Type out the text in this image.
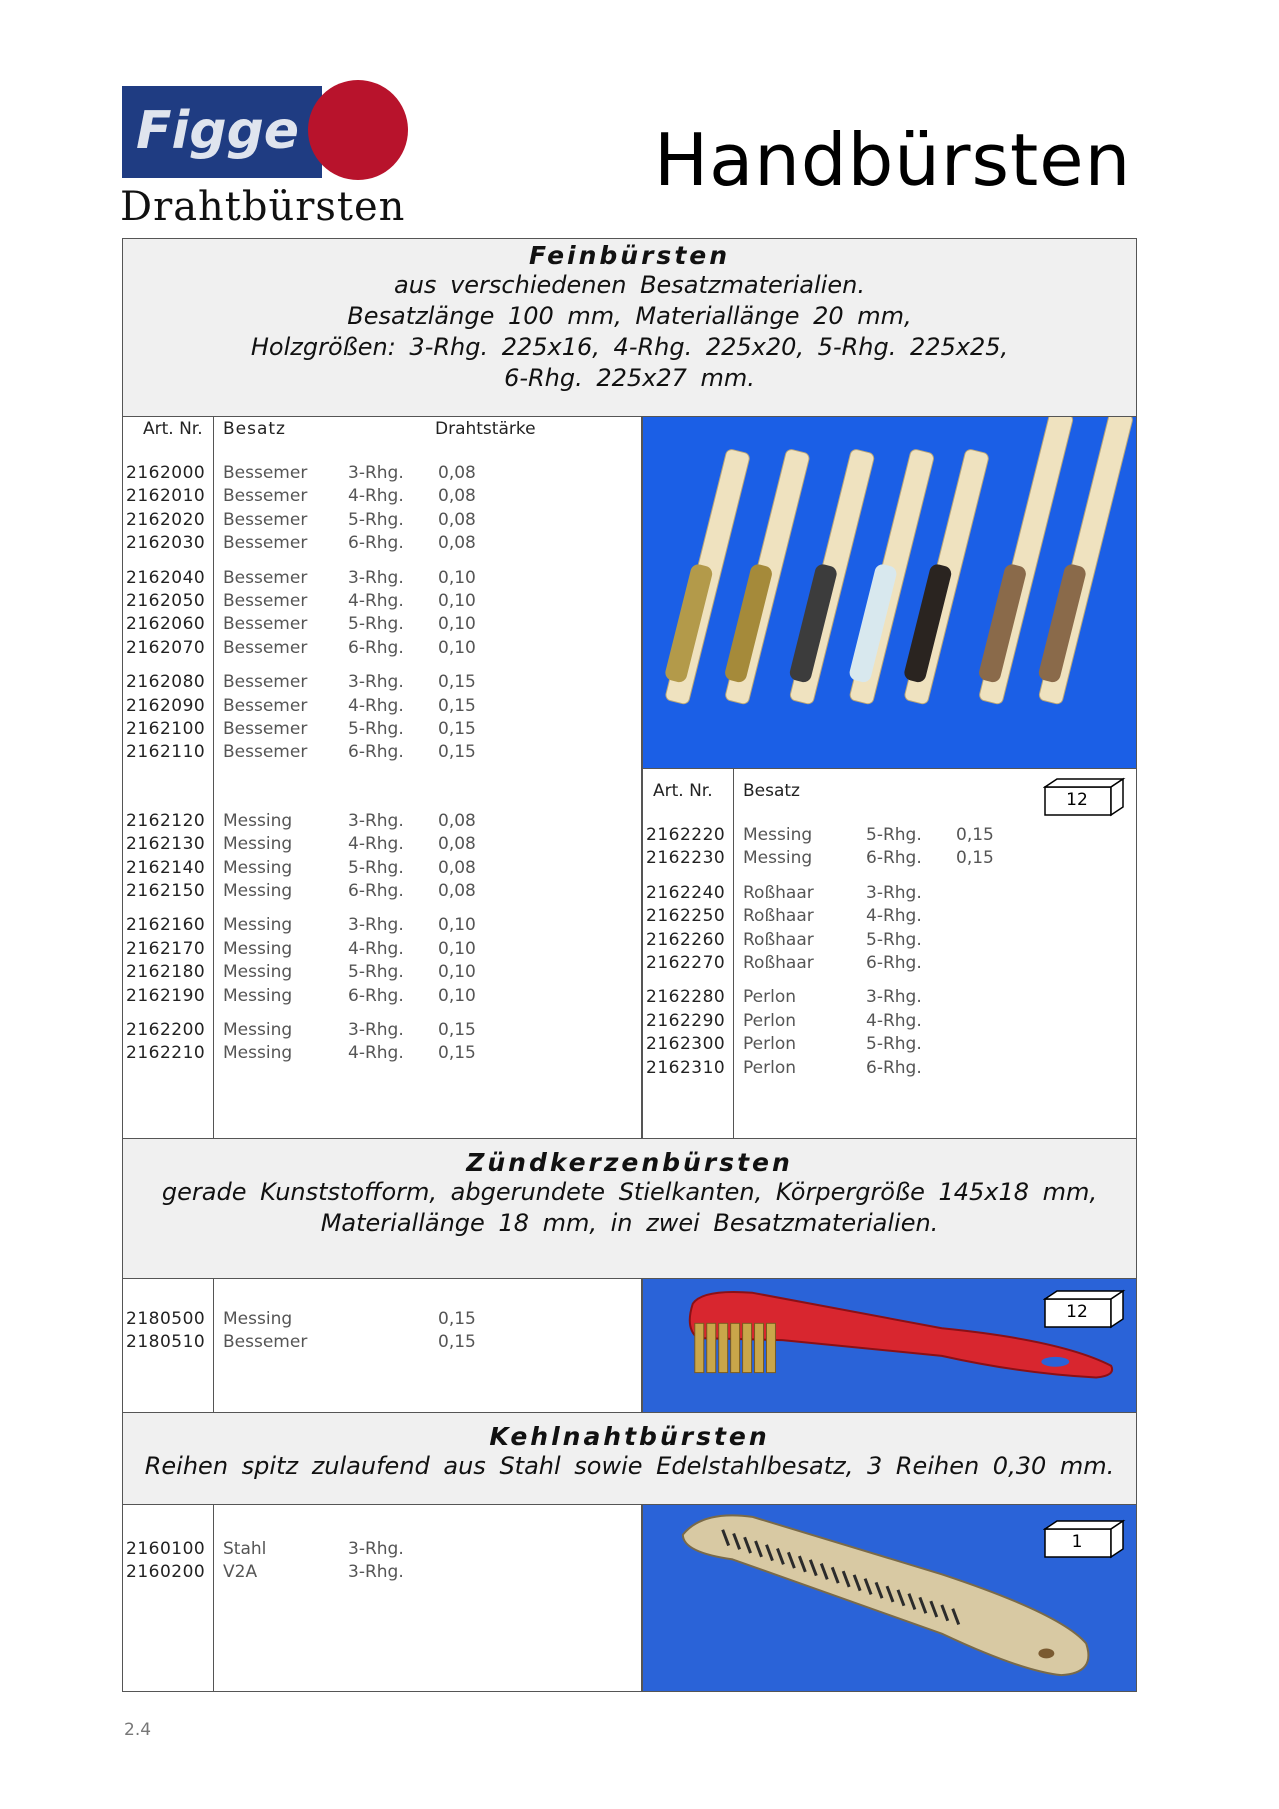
Figge
Drahtbürsten
Handbürsten
Feinbürsten
aus verschiedenen Besatzmaterialien.
Besatzlänge 100 mm, Materiallänge 20 mm,
Holzgrößen: 3-Rhg. 225x16, 4-Rhg. 225x20, 5-Rhg. 225x25,
6-Rhg. 225x27 mm.
Art. Nr. Besatz	Drahtstärke
2162000 Bessemer 3-Rhg. 0,08
2162010 Bessemer 4-Rhg. 0,08
2162020 Bessemer 5-Rhg. 0,08
2162030 Bessemer 6-Rhg. 0,08
2162040 Bessemer 3-Rhg. 0,10
2162050 Bessemer 4-Rhg. 0,10
2162060 Bessemer 5-Rhg. 0,10
2162070 Bessemer 6-Rhg. 0,10
2162080 Bessemer 3-Rhg. 0,15
2162090 Bessemer 4-Rhg. 0,15
2162100 Bessemer 5-Rhg. 0,15
2162110 Bessemer 6-Rhg. 0,15
2162120 Messing	3-Rhg. 0,08
2162130 Messing	4-Rhg. 0,08
2162140 Messing	5-Rhg. 0,08
2162150 Messing	6-Rhg. 0,08
2162160 Messing	3-Rhg. 0,10
2162170 Messing	4-Rhg. 0,10
2162180 Messing	5-Rhg. 0,10
2162190 Messing	6-Rhg. 0,10
2162200 Messing	3-Rhg. 0,15
2162210 Messing	4-Rhg. 0,15
Art. Nr. Besatz	12
2162220 Messing	5-Rhg. 0,15
2162230 Messing	6-Rhg. 0,15
2162240 Roßhaar	3-Rhg.
2162250 Roßhaar	4-Rhg.
2162260 Roßhaar	5-Rhg.
2162270 Roßhaar	6-Rhg.
2162280 Perlon	3-Rhg.
2162290 Perlon	4-Rhg.
2162300 Perlon	5-Rhg.
2162310 Perlon	6-Rhg.
Zündkerzenbürsten
gerade Kunststofform, abgerundete Stielkanten, Körpergröße 145x18 mm,
Materiallänge 18 mm, in zwei Besatzmaterialien.
2180500 Messing	0,15
2180510 Bessemer	0,15
12
Kehlnahtbürsten
Reihen spitz zulaufend aus Stahl sowie Edelstahlbesatz, 3 Reihen 0,30 mm.
2160100 Stahl	3-Rhg.
2160200 V2A	3-Rhg.
1
2.4
